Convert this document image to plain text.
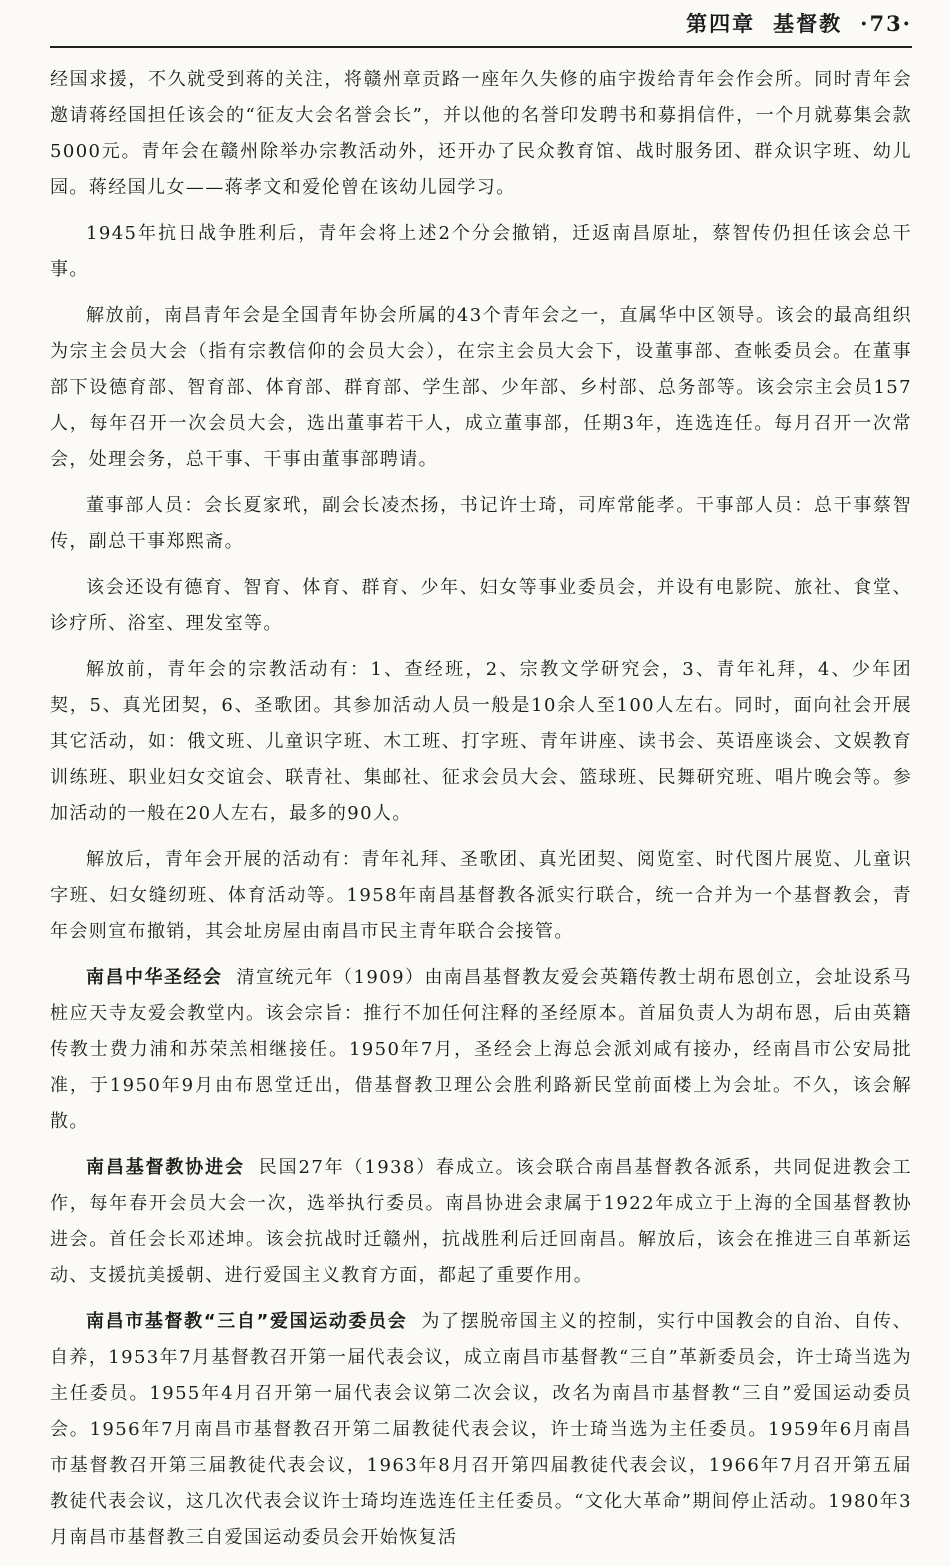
第四章 基督教 ·73·

经国求援，不久就受到蒋的关注，将赣州章贡路一座年久失修的庙宇拨给青年会作会所。同时青年会邀请蒋经国担任该会的“征友大会名誉会长”，并以他的名誉印发聘书和募捐信件，一个月就募集会款5000元。青年会在赣州除举办宗教活动外，还开办了民众教育馆、战时服务团、群众识字班、幼儿园。蒋经国儿女——蒋孝文和爱伦曾在该幼儿园学习。

1945年抗日战争胜利后，青年会将上述2个分会撤销，迁返南昌原址，蔡智传仍担任该会总干事。

解放前，南昌青年会是全国青年协会所属的43个青年会之一，直属华中区领导。该会的最高组织为宗主会员大会（指有宗教信仰的会员大会），在宗主会员大会下，设董事部、查帐委员会。在董事部下设德育部、智育部、体育部、群育部、学生部、少年部、乡村部、总务部等。该会宗主会员157人，每年召开一次会员大会，选出董事若干人，成立董事部，任期3年，连选连任。每月召开一次常会，处理会务，总干事、干事由董事部聘请。

董事部人员：会长夏家玳，副会长凌杰扬，书记许士琦，司库常能孝。干事部人员：总干事蔡智传，副总干事郑熙斋。

该会还设有德育、智育、体育、群育、少年、妇女等事业委员会，并设有电影院、旅社、食堂、诊疗所、浴室、理发室等。

解放前，青年会的宗教活动有：1、查经班，2、宗教文学研究会，3、青年礼拜，4、少年团契，5、真光团契，6、圣歌团。其参加活动人员一般是10余人至100人左右。同时，面向社会开展其它活动，如：俄文班、儿童识字班、木工班、打字班、青年讲座、读书会、英语座谈会、文娱教育训练班、职业妇女交谊会、联青社、集邮社、征求会员大会、篮球班、民舞研究班、唱片晚会等。参加活动的一般在20人左右，最多的90人。

解放后，青年会开展的活动有：青年礼拜、圣歌团、真光团契、阅览室、时代图片展览、儿童识字班、妇女缝纫班、体育活动等。1958年南昌基督教各派实行联合，统一合并为一个基督教会，青年会则宣布撤销，其会址房屋由南昌市民主青年联合会接管。

南昌中华圣经会 清宣统元年（1909）由南昌基督教友爱会英籍传教士胡布恩创立，会址设系马桩应天寺友爱会教堂内。该会宗旨：推行不加任何注释的圣经原本。首届负责人为胡布恩，后由英籍传教士费力浦和苏荣羔相继接任。1950年7月，圣经会上海总会派刘咸有接办，经南昌市公安局批准，于1950年9月由布恩堂迁出，借基督教卫理公会胜利路新民堂前面楼上为会址。不久，该会解散。

南昌基督教协进会 民国27年（1938）春成立。该会联合南昌基督教各派系，共同促进教会工作，每年春开会员大会一次，选举执行委员。南昌协进会隶属于1922年成立于上海的全国基督教协进会。首任会长邓述坤。该会抗战时迁赣州，抗战胜利后迁回南昌。解放后，该会在推进三自革新运动、支援抗美援朝、进行爱国主义教育方面，都起了重要作用。

南昌市基督教“三自”爱国运动委员会 为了摆脱帝国主义的控制，实行中国教会的自治、自传、自养，1953年7月基督教召开第一届代表会议，成立南昌市基督教“三自”革新委员会，许士琦当选为主任委员。1955年4月召开第一届代表会议第二次会议，改名为南昌市基督教“三自”爱国运动委员会。1956年7月南昌市基督教召开第二届教徒代表会议，许士琦当选为主任委员。1959年6月南昌市基督教召开第三届教徒代表会议，1963年8月召开第四届教徒代表会议，1966年7月召开第五届教徒代表会议，这几次代表会议许士琦均连选连任主任委员。“文化大革命”期间停止活动。1980年3月南昌市基督教三自爱国运动委员会开始恢复活
